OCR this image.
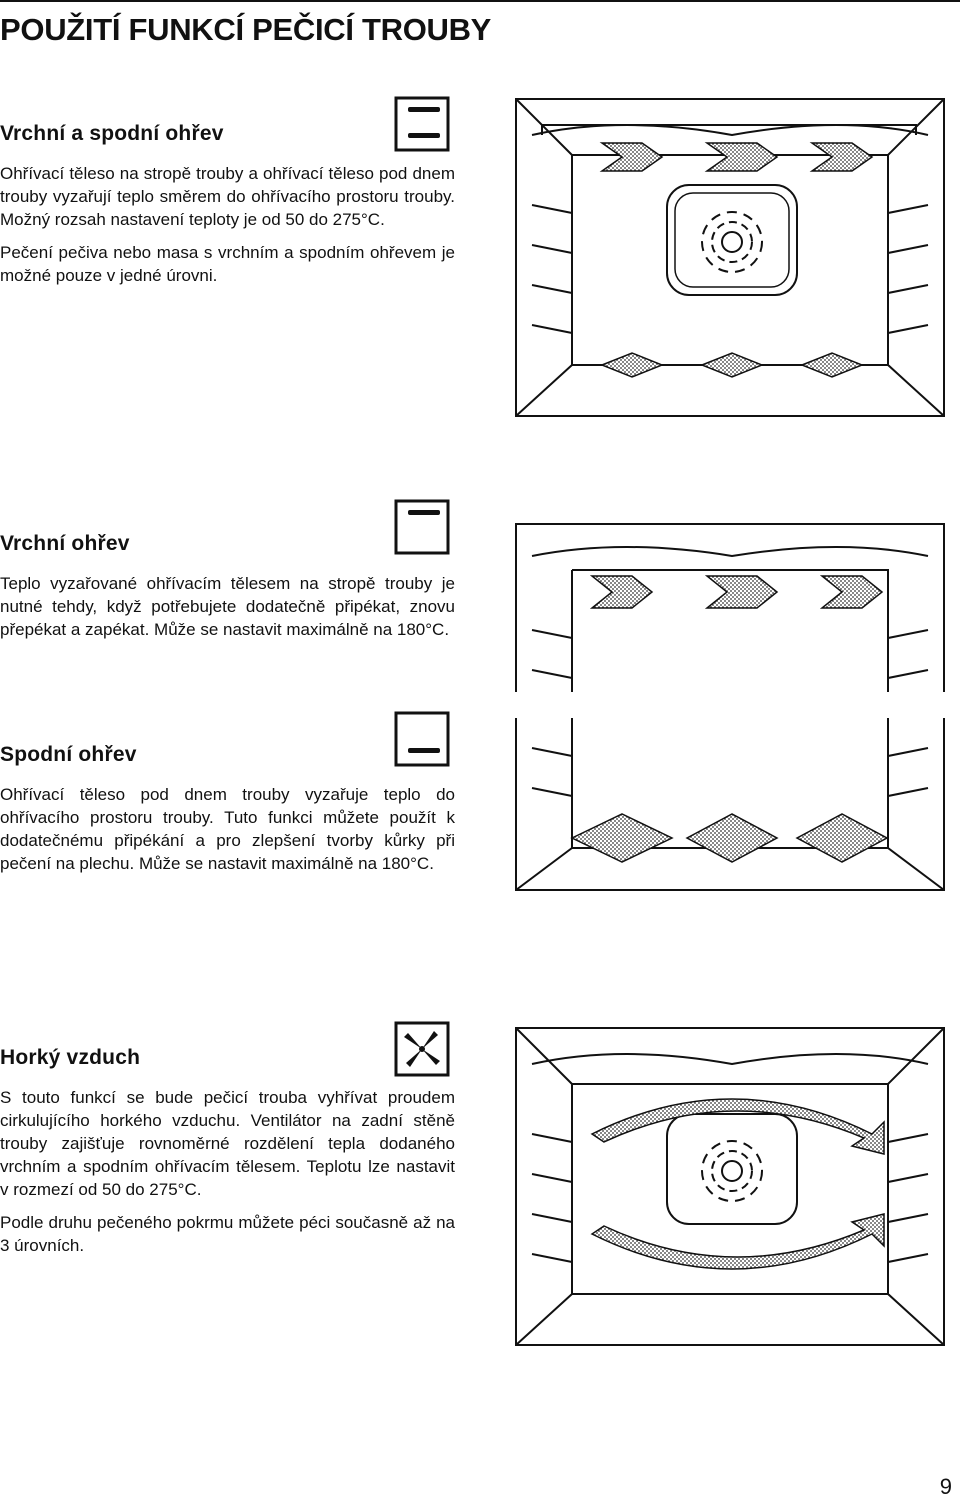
POUŽITÍ FUNKCÍ PEČICÍ TROUBY
Vrchní a spodní ohřev

Ohřívací těleso na stropě trouby a ohřívací těleso pod dnem trouby vyzařují teplo směrem do ohřívacího prostoru trouby. Možný rozsah nastavení teploty je od 50 do 275°C.

Pečení pečiva nebo masa s vrchním a spodním ohřevem je možné pouze v jedné úrovni.

Vrchní ohřev

Teplo vyzařované ohřívacím tělesem na stropě trouby je nutné tehdy, když potřebujete dodatečně připékat, znovu přepékat a zapékat. Může se nastavit maximálně na 180°C.

Spodní ohřev

Ohřívací těleso pod dnem trouby vyzařuje teplo do ohřívacího prostoru trouby. Tuto funkci můžete použít k dodatečnému připékání a pro zlepšení tvorby kůrky při pečení na plechu. Může se nastavit maximálně na 180°C.

Horký vzduch

S touto funkcí se bude pečicí trouba vyhřívat proudem cirkulujícího horkého vzduchu. Ventilátor na zadní stěně trouby zajišťuje rovnoměrné rozdělení tepla dodaného vrchním a spodním ohřívacím tělesem. Teplotu lze nastavit v rozmezí od 50 do 275°C.

Podle druhu pečeného pokrmu můžete péci současně až na 3 úrovních.

9
